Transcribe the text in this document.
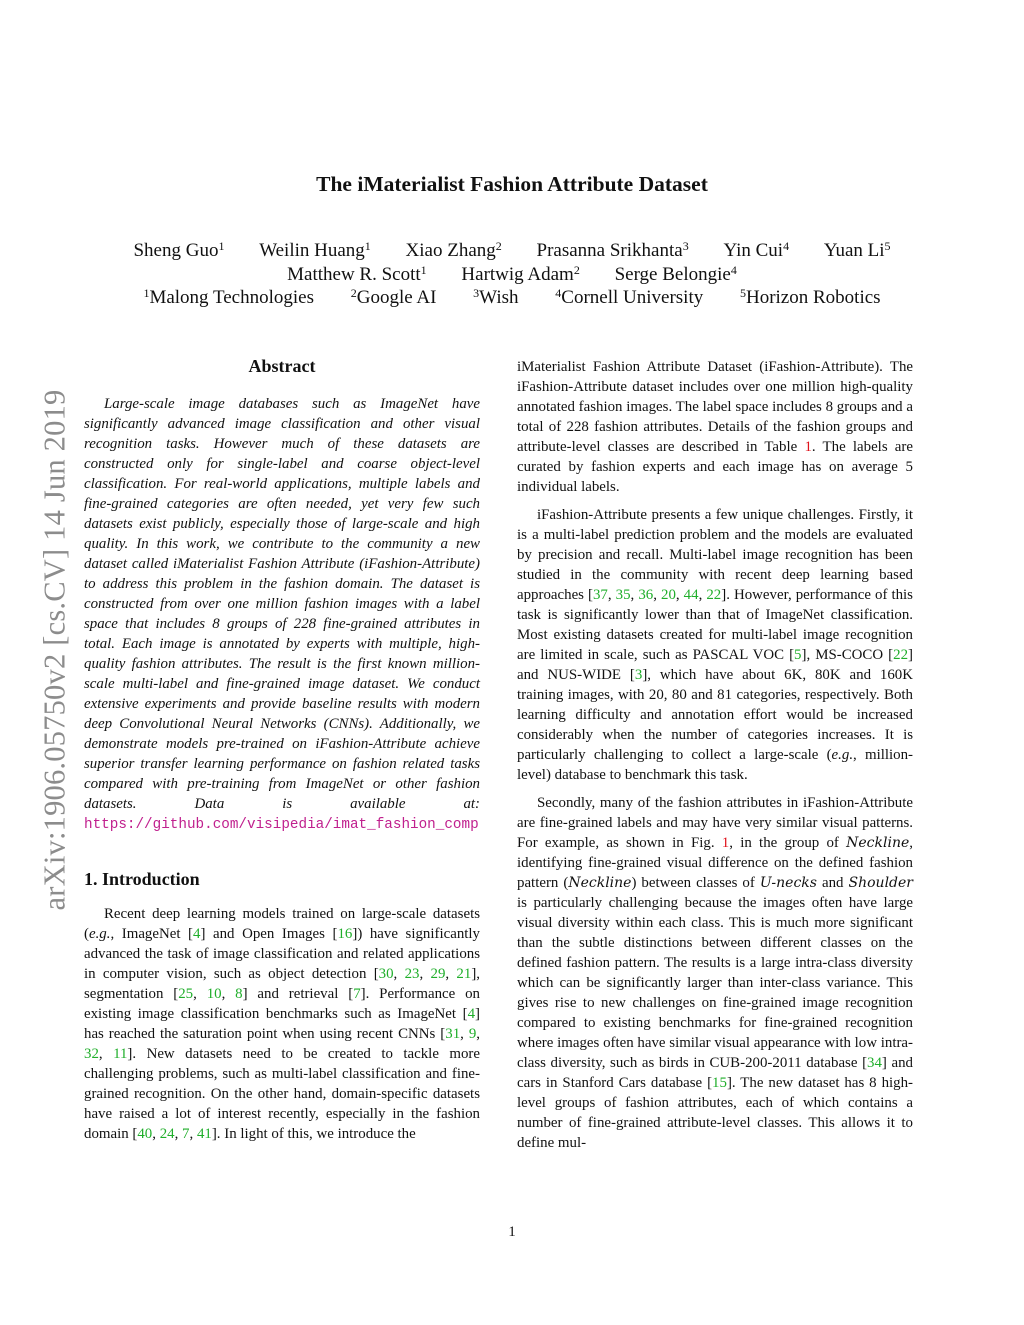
arXiv:1906.05750v2 [cs.CV] 14 Jun 2019
The iMaterialist Fashion Attribute Dataset
Sheng Guo$^1$ Weilin Huang$^1$ Xiao Zhang$^2$ Prasanna Srikhanta$^3$ Yin Cui$^4$ Yuan Li$^5$
Matthew R. Scott$^1$ Hartwig Adam$^2$ Serge Belongie$^4$
$^1$Malong Technologies	$^2$Google AI	$^3$Wish	$^4$Cornell University	$^5$Horizon Robotics
Abstract

Large-scale image databases such as ImageNet have significantly advanced image classification and other visual recognition tasks. However much of these datasets are constructed only for single-label and coarse object-level classification. For real-world applications, multiple labels and fine-grained categories are often needed, yet very few such datasets exist publicly, especially those of large-scale and high quality. In this work, we contribute to the community a new dataset called iMaterialist Fashion Attribute (iFashion-Attribute) to address this problem in the fashion domain. The dataset is constructed from over one million fashion images with a label space that includes 8 groups of 228 fine-grained attributes in total. Each image is annotated by experts with multiple, high-quality fashion attributes. The result is the first known million-scale multi-label and fine-grained image dataset. We conduct extensive experiments and provide baseline results with modern deep Convolutional Neural Networks (CNNs). Additionally, we demonstrate models pre-trained on iFashion-Attribute achieve superior transfer learning performance on fashion related tasks compared with pre-training from ImageNet or other fashion datasets. Data is available at: https://github.com/visipedia/imat_fashion_comp

1. Introduction

Recent deep learning models trained on large-scale datasets (e.g., ImageNet [4] and Open Images [16]) have significantly advanced the task of image classification and related applications in computer vision, such as object detection [30, 23, 29, 21], segmentation [25, 10, 8] and retrieval [7]. Performance on existing image classification benchmarks such as ImageNet [4] has reached the saturation point when using recent CNNs [31, 9, 32, 11]. New datasets need to be created to tackle more challenging problems, such as multi-label classification and fine-grained recognition. On the other hand, domain-specific datasets have raised a lot of interest recently, especially in the fashion domain [40, 24, 7, 41]. In light of this, we introduce the

iMaterialist Fashion Attribute Dataset (iFashion-Attribute). The iFashion-Attribute dataset includes over one million high-quality annotated fashion images. The label space includes 8 groups and a total of 228 fashion attributes. Details of the fashion groups and attribute-level classes are described in Table 1. The labels are curated by fashion experts and each image has on average 5 individual labels.

iFashion-Attribute presents a few unique challenges. Firstly, it is a multi-label prediction problem and the models are evaluated by precision and recall. Multi-label image recognition has been studied in the community with recent deep learning based approaches [37, 35, 36, 20, 44, 22]. However, performance of this task is significantly lower than that of ImageNet classification. Most existing datasets created for multi-label image recognition are limited in scale, such as PASCAL VOC [5], MS-COCO [22] and NUS-WIDE [3], which have about 6K, 80K and 160K training images, with 20, 80 and 81 categories, respectively. Both learning difficulty and annotation effort would be increased considerably when the number of categories increases. It is particularly challenging to collect a large-scale (e.g., million-level) database to benchmark this task.

Secondly, many of the fashion attributes in iFashion-Attribute are fine-grained labels and may have very similar visual patterns. For example, as shown in Fig. 1, in the group of Neckline, identifying fine-grained visual difference on the defined fashion pattern (Neckline) between classes of U-necks and Shoulder is particularly challenging because the images often have large visual diversity within each class. This is much more significant than the subtle distinctions between different classes on the defined fashion pattern. The results is a large intra-class diversity which can be significantly larger than inter-class variance. This gives rise to new challenges on fine-grained image recognition compared to existing benchmarks for fine-grained recognition where images often have similar visual appearance with low intra-class diversity, such as birds in CUB-200-2011 database [34] and cars in Stanford Cars database [15]. The new dataset has 8 high-level groups of fashion attributes, each of which contains a number of fine-grained attribute-level classes. This allows it to define mul-

1
